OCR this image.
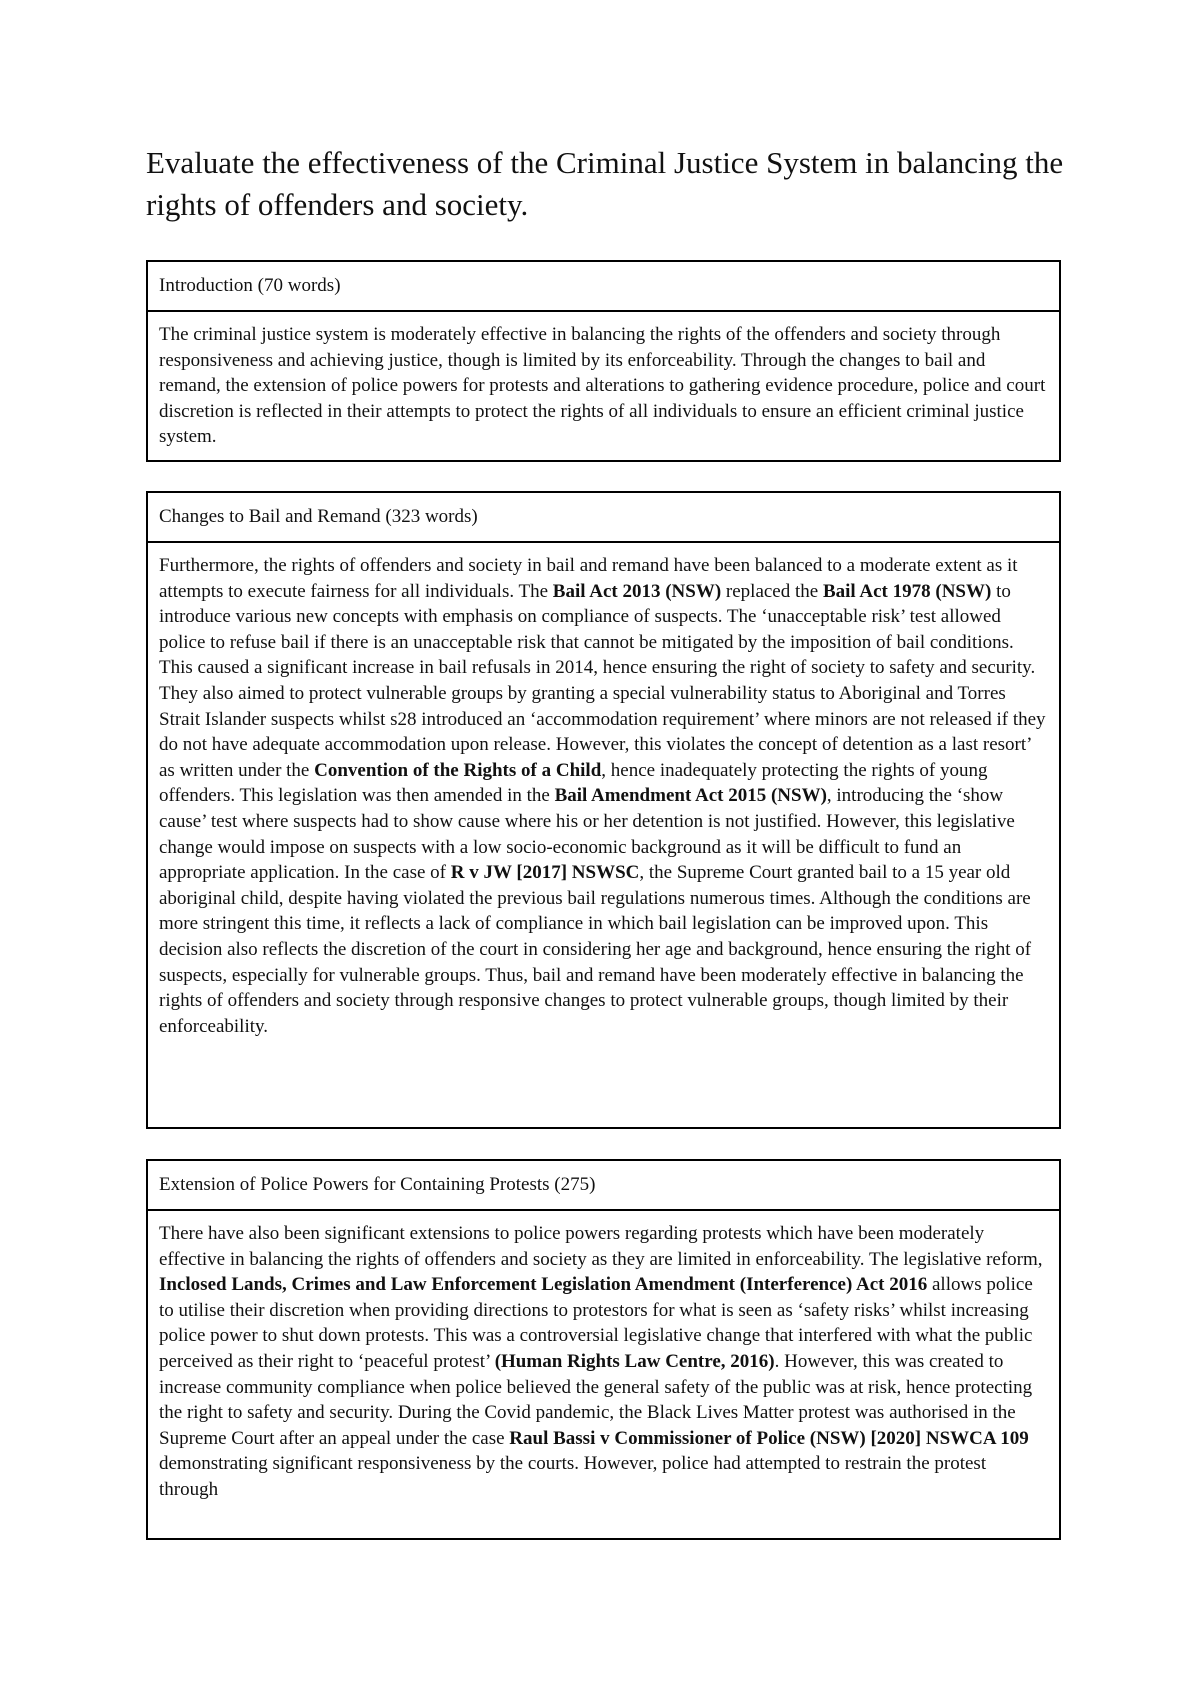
Evaluate the effectiveness of the Criminal Justice System in balancing the rights of offenders and society.
Introduction (70 words)

The criminal justice system is moderately effective in balancing the rights of the offenders and society through responsiveness and achieving justice, though is limited by its enforceability. Through the changes to bail and remand, the extension of police powers for protests and alterations to gathering evidence procedure, police and court discretion is reflected in their attempts to protect the rights of all individuals to ensure an efficient criminal justice system.

Changes to Bail and Remand (323 words)

Furthermore, the rights of offenders and society in bail and remand have been balanced to a moderate extent as it attempts to execute fairness for all individuals. The Bail Act 2013 (NSW) replaced the Bail Act 1978 (NSW) to introduce various new concepts with emphasis on compliance of suspects. The ‘unacceptable risk’ test allowed police to refuse bail if there is an unacceptable risk that cannot be mitigated by the imposition of bail conditions. This caused a significant increase in bail refusals in 2014, hence ensuring the right of society to safety and security. They also aimed to protect vulnerable groups by granting a special vulnerability status to Aboriginal and Torres Strait Islander suspects whilst s28 introduced an ‘accommodation requirement’ where minors are not released if they do not have adequate accommodation upon release. However, this violates the concept of detention as a last resort’ as written under the Convention of the Rights of a Child, hence inadequately protecting the rights of young offenders. This legislation was then amended in the Bail Amendment Act 2015 (NSW), introducing the ‘show cause’ test where suspects had to show cause where his or her detention is not justified. However, this legislative change would impose on suspects with a low socio-economic background as it will be difficult to fund an appropriate application. In the case of R v JW [2017] NSWSC, the Supreme Court granted bail to a 15 year old aboriginal child, despite having violated the previous bail regulations numerous times. Although the conditions are more stringent this time, it reflects a lack of compliance in which bail legislation can be improved upon. This decision also reflects the discretion of the court in considering her age and background, hence ensuring the right of suspects, especially for vulnerable groups. Thus, bail and remand have been moderately effective in balancing the rights of offenders and society through responsive changes to protect vulnerable groups, though limited by their enforceability.

Extension of Police Powers for Containing Protests (275)

There have also been significant extensions to police powers regarding protests which have been moderately effective in balancing the rights of offenders and society as they are limited in enforceability. The legislative reform, Inclosed Lands, Crimes and Law Enforcement Legislation Amendment (Interference) Act 2016 allows police to utilise their discretion when providing directions to protestors for what is seen as ‘safety risks’ whilst increasing police power to shut down protests. This was a controversial legislative change that interfered with what the public perceived as their right to ‘peaceful protest’ (Human Rights Law Centre, 2016). However, this was created to increase community compliance when police believed the general safety of the public was at risk, hence protecting the right to safety and security. During the Covid pandemic, the Black Lives Matter protest was authorised in the Supreme Court after an appeal under the case Raul Bassi v Commissioner of Police (NSW) [2020] NSWCA 109 demonstrating significant responsiveness by the courts. However, police had attempted to restrain the protest through
